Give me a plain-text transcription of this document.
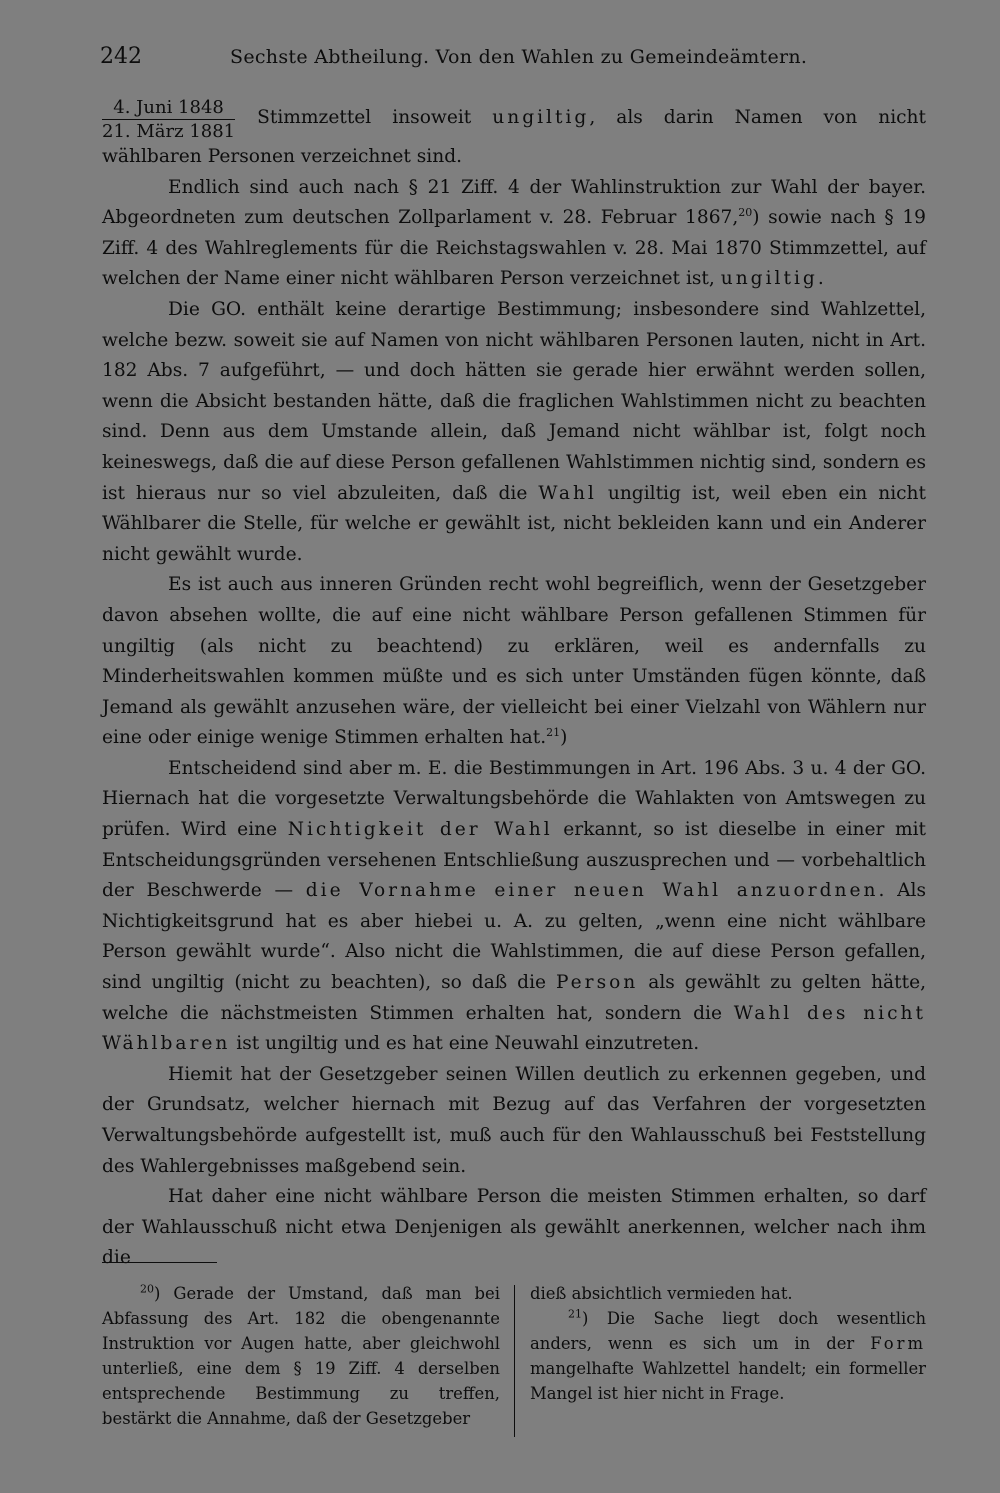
242	Sechste Abtheilung. Von den Wahlen zu Gemeindeämtern.

$\frac{\text{4. Juni 1848}}{\text{21. März 1881}}$ Stimmzettel insoweit ungiltig, als darin Namen von nicht wählbaren Personen verzeichnet sind.

Endlich sind auch nach § 21 Ziff. 4 der Wahlinstruktion zur Wahl der bayer. Abgeordneten zum deutschen Zollparlament v. 28. Februar 1867,20) sowie nach § 19 Ziff. 4 des Wahlreglements für die Reichstagswahlen v. 28. Mai 1870 Stimmzettel, auf welchen der Name einer nicht wählbaren Person verzeichnet ist, ungiltig.

Die GO. enthält keine derartige Bestimmung; insbesondere sind Wahlzettel, welche bezw. soweit sie auf Namen von nicht wählbaren Personen lauten, nicht in Art. 182 Abs. 7 aufgeführt, — und doch hätten sie gerade hier erwähnt werden sollen, wenn die Absicht bestanden hätte, daß die fraglichen Wahlstimmen nicht zu beachten sind. Denn aus dem Umstande allein, daß Jemand nicht wählbar ist, folgt noch keineswegs, daß die auf diese Person gefallenen Wahlstimmen nichtig sind, sondern es ist hieraus nur so viel abzuleiten, daß die Wahl ungiltig ist, weil eben ein nicht Wählbarer die Stelle, für welche er gewählt ist, nicht bekleiden kann und ein Anderer nicht gewählt wurde.

Es ist auch aus inneren Gründen recht wohl begreiflich, wenn der Gesetzgeber davon absehen wollte, die auf eine nicht wählbare Person gefallenen Stimmen für ungiltig (als nicht zu beachtend) zu erklären, weil es andernfalls zu Minderheitswahlen kommen müßte und es sich unter Umständen fügen könnte, daß Jemand als gewählt anzusehen wäre, der vielleicht bei einer Vielzahl von Wählern nur eine oder einige wenige Stimmen erhalten hat.$^{21}$)

Entscheidend sind aber m. E. die Bestimmungen in Art. 196 Abs. 3 u. 4 der GO. Hiernach hat die vorgesetzte Verwaltungsbehörde die Wahlakten von Amtswegen zu prüfen. Wird eine Nichtigkeit der Wahl erkannt, so ist dieselbe in einer mit Entscheidungsgründen versehenen Entschließung auszusprechen und — vorbehaltlich der Beschwerde — die Vornahme einer neuen Wahl anzuordnen. Als Nichtigkeitsgrund hat es aber hiebei u. A. zu gelten, „wenn eine nicht wählbare Person gewählt wurde“. Also nicht die Wahlstimmen, die auf diese Person gefallen, sind ungiltig (nicht zu beachten), so daß die Person als gewählt zu gelten hätte, welche die nächstmeisten Stimmen erhalten hat, sondern die Wahl des nicht Wählbaren ist ungiltig und es hat eine Neuwahl einzutreten.

Hiemit hat der Gesetzgeber seinen Willen deutlich zu erkennen gegeben, und der Grundsatz, welcher hiernach mit Bezug auf das Verfahren der vorgesetzten Verwaltungsbehörde aufgestellt ist, muß auch für den Wahlausschuß bei Feststellung des Wahlergebnisses maßgebend sein.

Hat daher eine nicht wählbare Person die meisten Stimmen erhalten, so darf der Wahlausschuß nicht etwa Denjenigen als gewählt anerkennen, welcher nach ihm die

$^{20}$) Gerade der Umstand, daß man bei Abfassung des Art. 182 die obengenannte Instruktion vor Augen hatte, aber gleichwohl unterließ, eine dem § 19 Ziff. 4 derselben entsprechende Bestimmung zu treffen, bestärkt die Annahme, daß der Gesetzgeber

dieß absichtlich vermieden hat.

$^{21}$) Die Sache liegt doch wesentlich anders, wenn es sich um in der Form mangelhafte Wahlzettel handelt; ein formeller Mangel ist hier nicht in Frage.
